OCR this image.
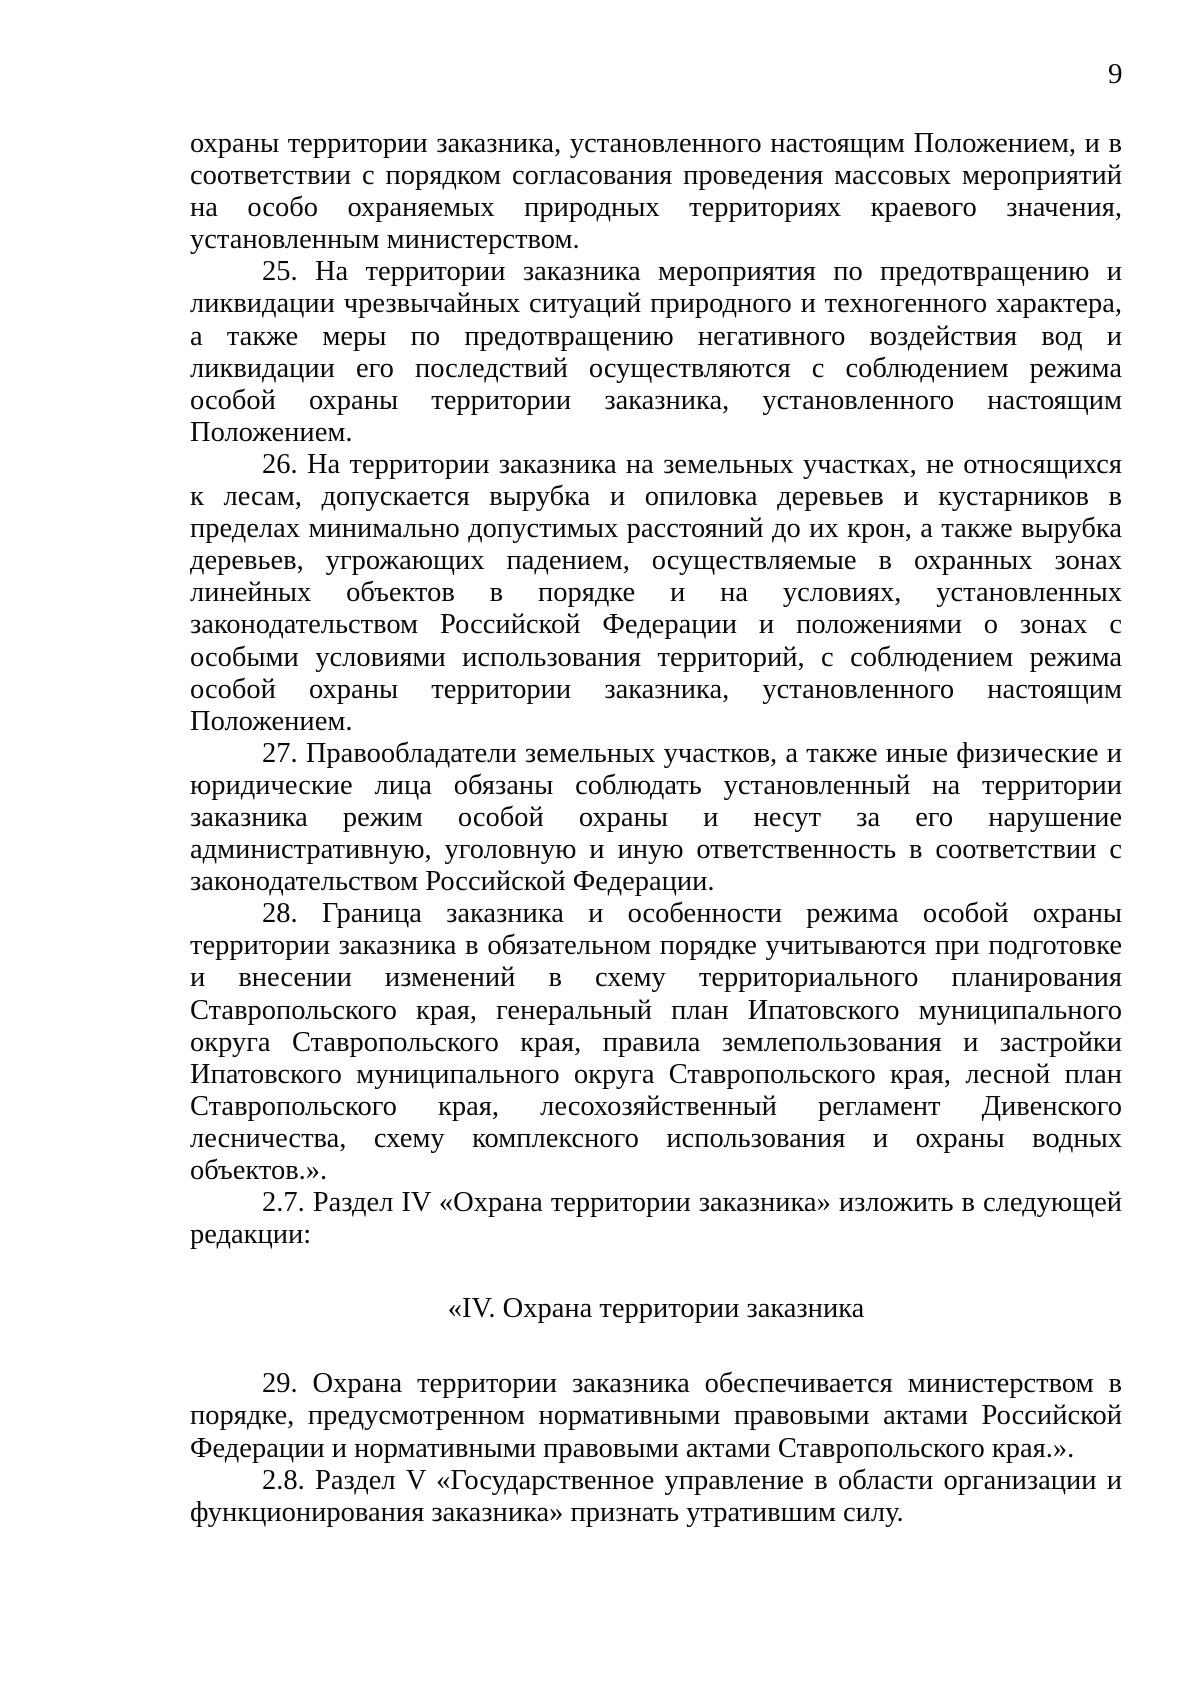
9

охраны территории заказника, установленного настоящим Положением, и в соответствии с порядком согласования проведения массовых мероприятий на особо охраняемых природных территориях краевого значения, установленным министерством.

25. На территории заказника мероприятия по предотвращению и ликвидации чрезвычайных ситуаций природного и техногенного характера, а также меры по предотвращению негативного воздействия вод и ликвидации его последствий осуществляются с соблюдением режима особой охраны территории заказника, установленного настоящим Положением.

26. На территории заказника на земельных участках, не относящихся к лесам, допускается вырубка и опиловка деревьев и кустарников в пределах минимально допустимых расстояний до их крон, а также вырубка деревьев, угрожающих падением, осуществляемые в охранных зонах линейных объектов в порядке и на условиях, установленных законодательством Российской Федерации и положениями о зонах с особыми условиями использования территорий, с соблюдением режима особой охраны территории заказника, установленного настоящим Положением.

27. Правообладатели земельных участков, а также иные физические и юридические лица обязаны соблюдать установленный на территории заказника режим особой охраны и несут за его нарушение административную, уголовную и иную ответственность в соответствии с законодательством Российской Федерации.

28. Граница заказника и особенности режима особой охраны территории заказника в обязательном порядке учитываются при подготовке и внесении изменений в схему территориального планирования Ставропольского края, генеральный план Ипатовского муниципального округа Ставропольского края, правила землепользования и застройки Ипатовского муниципального округа Ставропольского края, лесной план Ставропольского края, лесохозяйственный регламент Дивенского лесничества, схему комплексного использования и охраны водных объектов.».

2.7. Раздел IV «Охрана территории заказника» изложить в следующей редакции:

«IV. Охрана территории заказника

29. Охрана территории заказника обеспечивается министерством в порядке, предусмотренном нормативными правовыми актами Российской Федерации и нормативными правовыми актами Ставропольского края.».

2.8. Раздел V «Государственное управление в области организации и функционирования заказника» признать утратившим силу.
